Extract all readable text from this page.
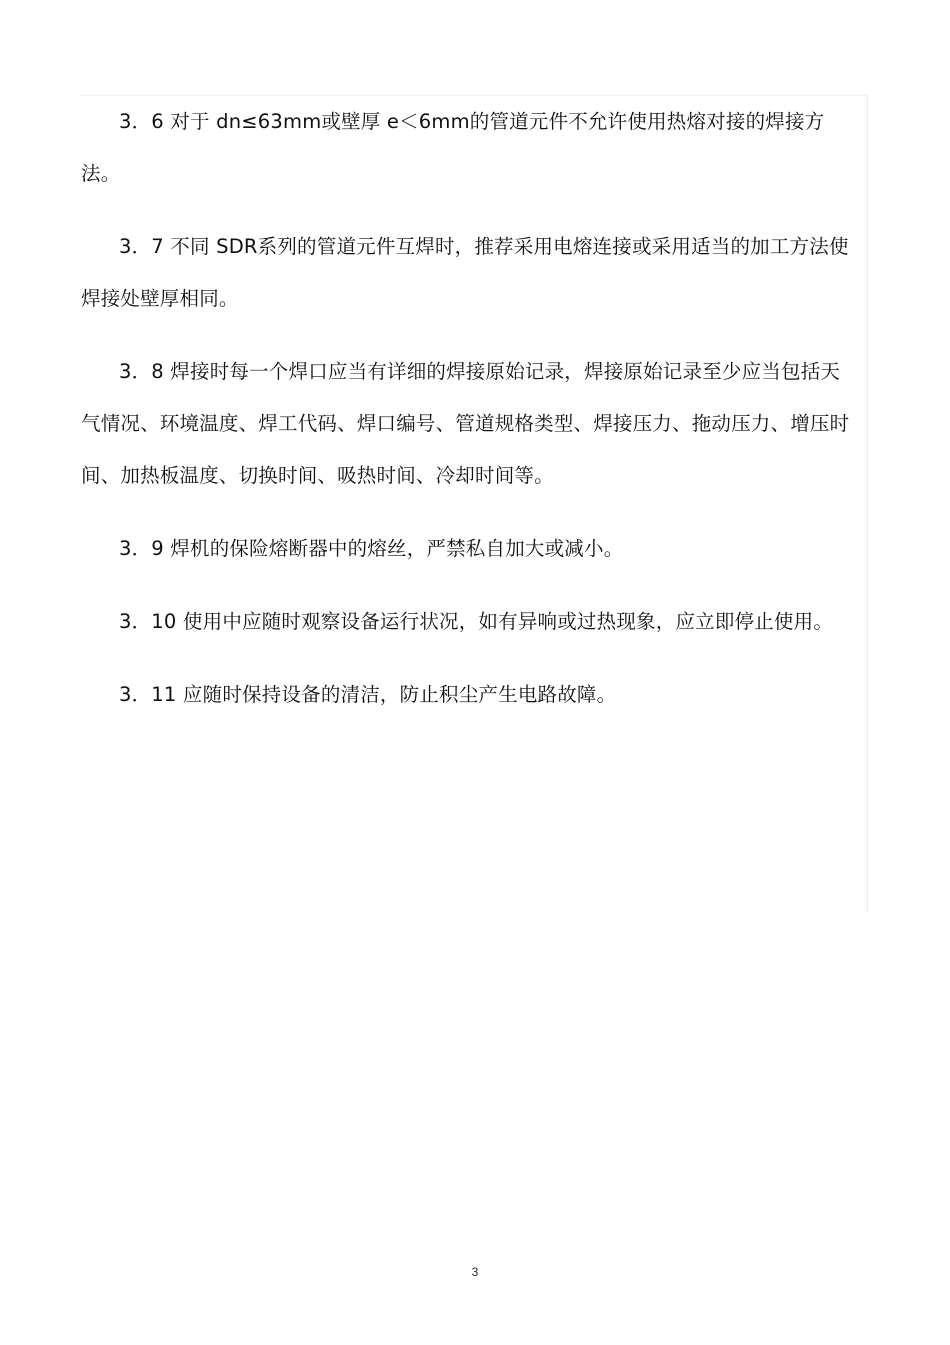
3．6 对于 dn≤63mm或壁厚 e＜6mm的管道元件不允许使用热熔对接的焊接方法。

3．7 不同 SDR系列的管道元件互焊时，推荐采用电熔连接或采用适当的加工方法使焊接处壁厚相同。

3．8 焊接时每一个焊口应当有详细的焊接原始记录，焊接原始记录至少应当包括天气情况、环境温度、焊工代码、焊口编号、管道规格类型、焊接压力、拖动压力、增压时间、加热板温度、切换时间、吸热时间、冷却时间等。

3．9 焊机的保险熔断器中的熔丝，严禁私自加大或减小。

3．10 使用中应随时观察设备运行状况，如有异响或过热现象，应立即停止使用。

3．11 应随时保持设备的清洁，防止积尘产生电路故障。

3
